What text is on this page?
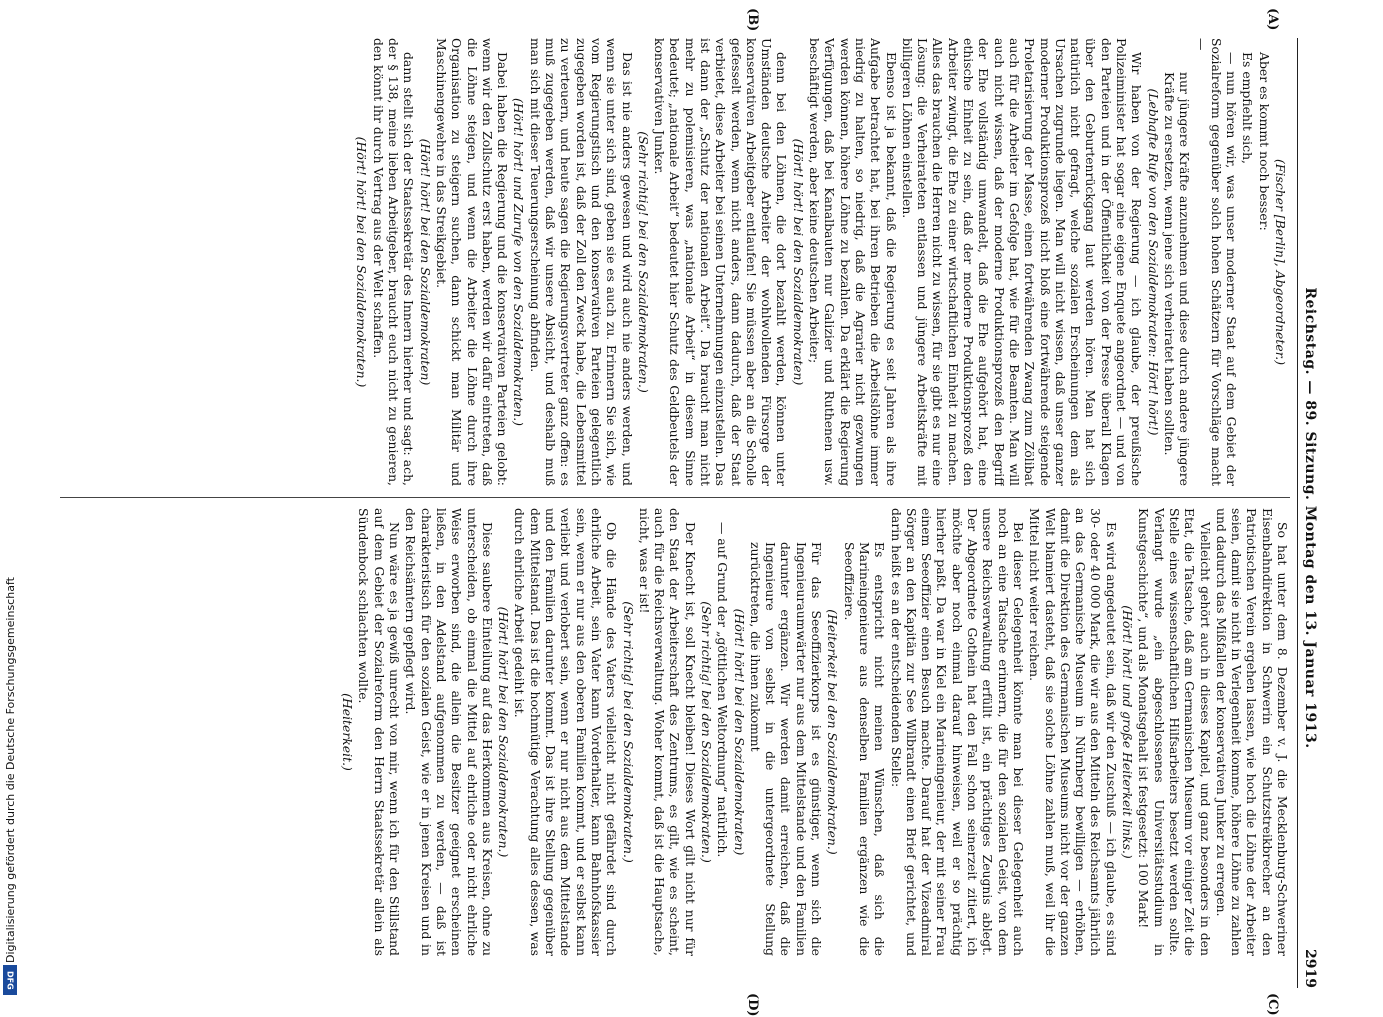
Reichstag. — 89. Sitzung. Montag den 13. Januar 1913.
2919
(A)
(B)
(C)
(D)

(Fischer [Berlin], Abgeordneter.)

Aber es kommt noch besser:

Es empfiehlt sich,

— nun hören wir, was unser moderner Staat auf dem Gebiet der Sozialreform gegenüber solch hohen Schätzern für Vorschläge macht —

nur jüngere Kräfte anzunehmen und diese durch andere jüngere Kräfte zu ersetzen, wenn jene sich verheiratet haben sollten.

(Lebhafte Rufe von den Sozialdemokraten: Hört! hört!)

Wir haben von der Regierung — ich glaube, der preußische Polizeiminister hat sogar eine eigene Enquete angeordnet — und von den Parteien und in der Öffentlichkeit von der Presse überall Klagen über den Geburtenrückgang laut werden hören. Man hat sich natürlich nicht gefragt, welche sozialen Erscheinungen dem als Ursachen zugrunde liegen. Man will nicht wissen, daß unser ganzer moderner Produktionsprozeß nicht bloß eine fortwährende steigende Proletarisierung der Masse, einen fortwährenden Zwang zum Zölibat auch für die Arbeiter im Gefolge hat, wie für die Beamten. Man will auch nicht wissen, daß der moderne Produktionsprozeß den Begriff der Ehe vollständig umwandelt, daß die Ehe aufgehört hat, eine ethische Einheit zu sein, daß der moderne Produktionsprozeß den Arbeiter zwingt, die Ehe zu einer wirtschaftlichen Einheit zu machen. Alles das brauchen die Herren nicht zu wissen, für sie gibt es nur eine Lösung: die Verheirateten entlassen und jüngere Arbeitskräfte mit billigeren Löhnen einstellen.

Ebenso ist ja bekannt, daß die Regierung es seit Jahren als ihre Aufgabe betrachtet hat, bei ihren Betrieben die Arbeitslöhne immer niedrig zu halten, so niedrig, daß die Agrarier nicht gezwungen werden können, höhere Löhne zu bezahlen. Da erklärt die Regierung Verfügungen, daß bei Kanalbauten nur Galizier und Ruthenen usw. beschäftigt werden, aber keine deutschen Arbeiter;

(Hört! hört! bei den Sozialdemokraten)

denn bei den Löhnen, die dort bezahlt werden, können unter Umständen deutsche Arbeiter der wohlwollenden Fürsorge der konservativen Arbeitgeber entlaufen! Sie müssen aber an die Scholle gefesselt werden, wenn nicht anders, dann dadurch, daß der Staat verbietet, diese Arbeiter bei seinen Unternehmungen einzustellen. Das ist dann der „Schutz der nationalen Arbeit“. Da braucht man nicht mehr zu polemisieren, was „nationale Arbeit“ in diesem Sinne bedeutet; „nationale Arbeit“ bedeutet hier Schutz des Geldbeutels der konservativen Junker.

(Sehr richtig! bei den Sozialdemokraten.)

Das ist nie anders gewesen und wird auch nie anders werden, und wenn sie unter sich sind, geben sie es auch zu. Erinnern Sie sich, wie vom Regierungstisch und den konservativen Parteien gelegentlich zugegeben worden ist, daß der Zoll den Zweck habe, die Lebensmittel zu verteuern, und heute sagen die Regierungsvertreter ganz offen: es muß zugegeben werden, daß wir unsere Absicht, und deshalb muß man sich mit dieser Teuerungserscheinung abfinden.

(Hört! hört! und Zurufe von den Sozialdemokraten.)

Dabei haben die Regierung und die konservativen Parteien gelobt: wenn wir den Zollschutz erst haben, werden wir dafür eintreten, daß die Löhne steigen, und wenn die Arbeiter die Löhne durch ihre Organisation zu steigern suchen, dann schickt man Militär und Maschinengewehre in das Streikgebiet.

(Hört! hört! bei den Sozialdemokraten)

dann stellt sich der Staatssekretär des Innern hierher und sagt: ach, der § 138, meine lieben Arbeitgeber, braucht euch nicht zu genieren, den könnt ihr durch Vertrag aus der Welt schaffen.

(Hört! hört! bei den Sozialdemokraten.)

So hat unter dem 8. Dezember v. J. die Mecklenburg-Schweriner Eisenbahndirektion in Schwerin ein Schutzstreikbrecher an den Patriotischen Verein ergehen lassen, wie hoch die Löhne der Arbeiter seien, damit sie nicht in Verlegenheit komme, höhere Löhne zu zahlen und dadurch das Mißfallen der konservativen Junker zu erregen.

Vielleicht gehört auch in dieses Kapitel, und ganz besonders in den Etat, die Tatsache, daß am Germanischen Museum vor einiger Zeit die Stelle eines wissenschaftlichen Hilfsarbeiters besetzt werden sollte. Verlangt wurde „ein abgeschlossenes Universitätsstudium in Kunstgeschichte“, und als Monatsgehalt ist festgesetzt: 100 Mark!

(Hört! hört! und große Heiterkeit links.)

Es wird angedeutet sein, daß wir den Zuschuß — ich glaube, es sind 30- oder 40 000 Mark, die wir aus den Mitteln des Reichsamts jährlich an das Germanische Museum in Nürnberg bewilligen — erhöhen, damit die Direktion des Germanischen Museums nicht vor der ganzen Welt blamiert dasteht, daß sie solche Löhne zahlen muß, weil ihr die Mittel nicht weiter reichen.

Bei dieser Gelegenheit könnte man bei dieser Gelegenheit auch noch an eine Tatsache erinnern, die für den sozialen Geist, von dem unsere Reichsverwaltung erfüllt ist, ein prächtiges Zeugnis ablegt. Der Abgeordnete Gothein hat den Fall schon seinerzeit zitiert, ich möchte aber noch einmal darauf hinweisen, weil er so prächtig hierher paßt. Da war in Kiel ein Marineingenieur, der mit seiner Frau einem Seeoffizier einen Besuch machte. Darauf hat der Vizeadmiral Sörger an den Kapitän zur See Wilbrandt einen Brief gerichtet, und darin heißt es an der entscheidenden Stelle:

Es entspricht nicht meinen Wünschen, daß sich die Marineingenieure aus denselben Familien ergänzen wie die Seeoffiziere.

(Heiterkeit bei den Sozialdemokraten.)

Für das Seeoffizierkorps ist es günstiger, wenn sich die Ingenieuraumwärter nur aus dem Mittelstande und den Familien darunter ergänzen. Wir werden damit erreichen, daß die Ingenieure von selbst in die untergeordnete Stellung zurücktreten, die ihnen zukommt

(Hört! hört! bei den Sozialdemokraten)

— auf Grund der „göttlichen Weltordnung“ natürlich.

(Sehr richtig! bei den Sozialdemokraten.)

Der Knecht ist, soll Knecht bleiben! Dieses Wort gilt nicht nur für den Staat der Arbeiterschaft des Zentrums, es gilt, wie es scheint, auch für die Reichsverwaltung. Woher kommt, daß ist die Hauptsache, nicht, was er ist!

(Sehr richtig! bei den Sozialdemokraten.)

Ob die Hände des Vaters vielleicht nicht gefährdet sind durch ehrliche Arbeit, sein Vater kann Vorderhalter, kann Bahnhofskassier sein, wenn er nur aus den oberen Familien kommt, und er selbst kann verliebt und verlobert sein, wenn er nur nicht aus dem Mittelstande und den Familien darunter kommt. Das ist ihre Stellung gegenüber dem Mittelstand. Das ist die hochmütige Verachtung alles dessen, was durch ehrliche Arbeit gedeiht ist.

(Hört! hört! bei den Sozialdemokraten.)

Diese saubere Einteilung auf das Herkommen aus Kreisen, ohne zu unterscheiden, ob einmal die Mittel auf ehrliche oder nicht ehrliche Weise erworben sind, die allein die Besitzer geeignet erscheinen ließen, in den Adelstand aufgenommen zu werden, — daß ist charakteristisch für den sozialen Geist, wie er in jenen Kreisen und in den Reichsämtern gepflegt wird.

Nun wäre es ja gewiß unrecht von mir, wenn ich für den Stillstand auf dem Gebiet der Sozialreform den Herrn Staatssekretär allein als Sündenbock schlachten wollte.

(Heiterkeit.)

Digitalisierung gefördert durch die Deutsche Forschungsgemeinschaft
DFG
